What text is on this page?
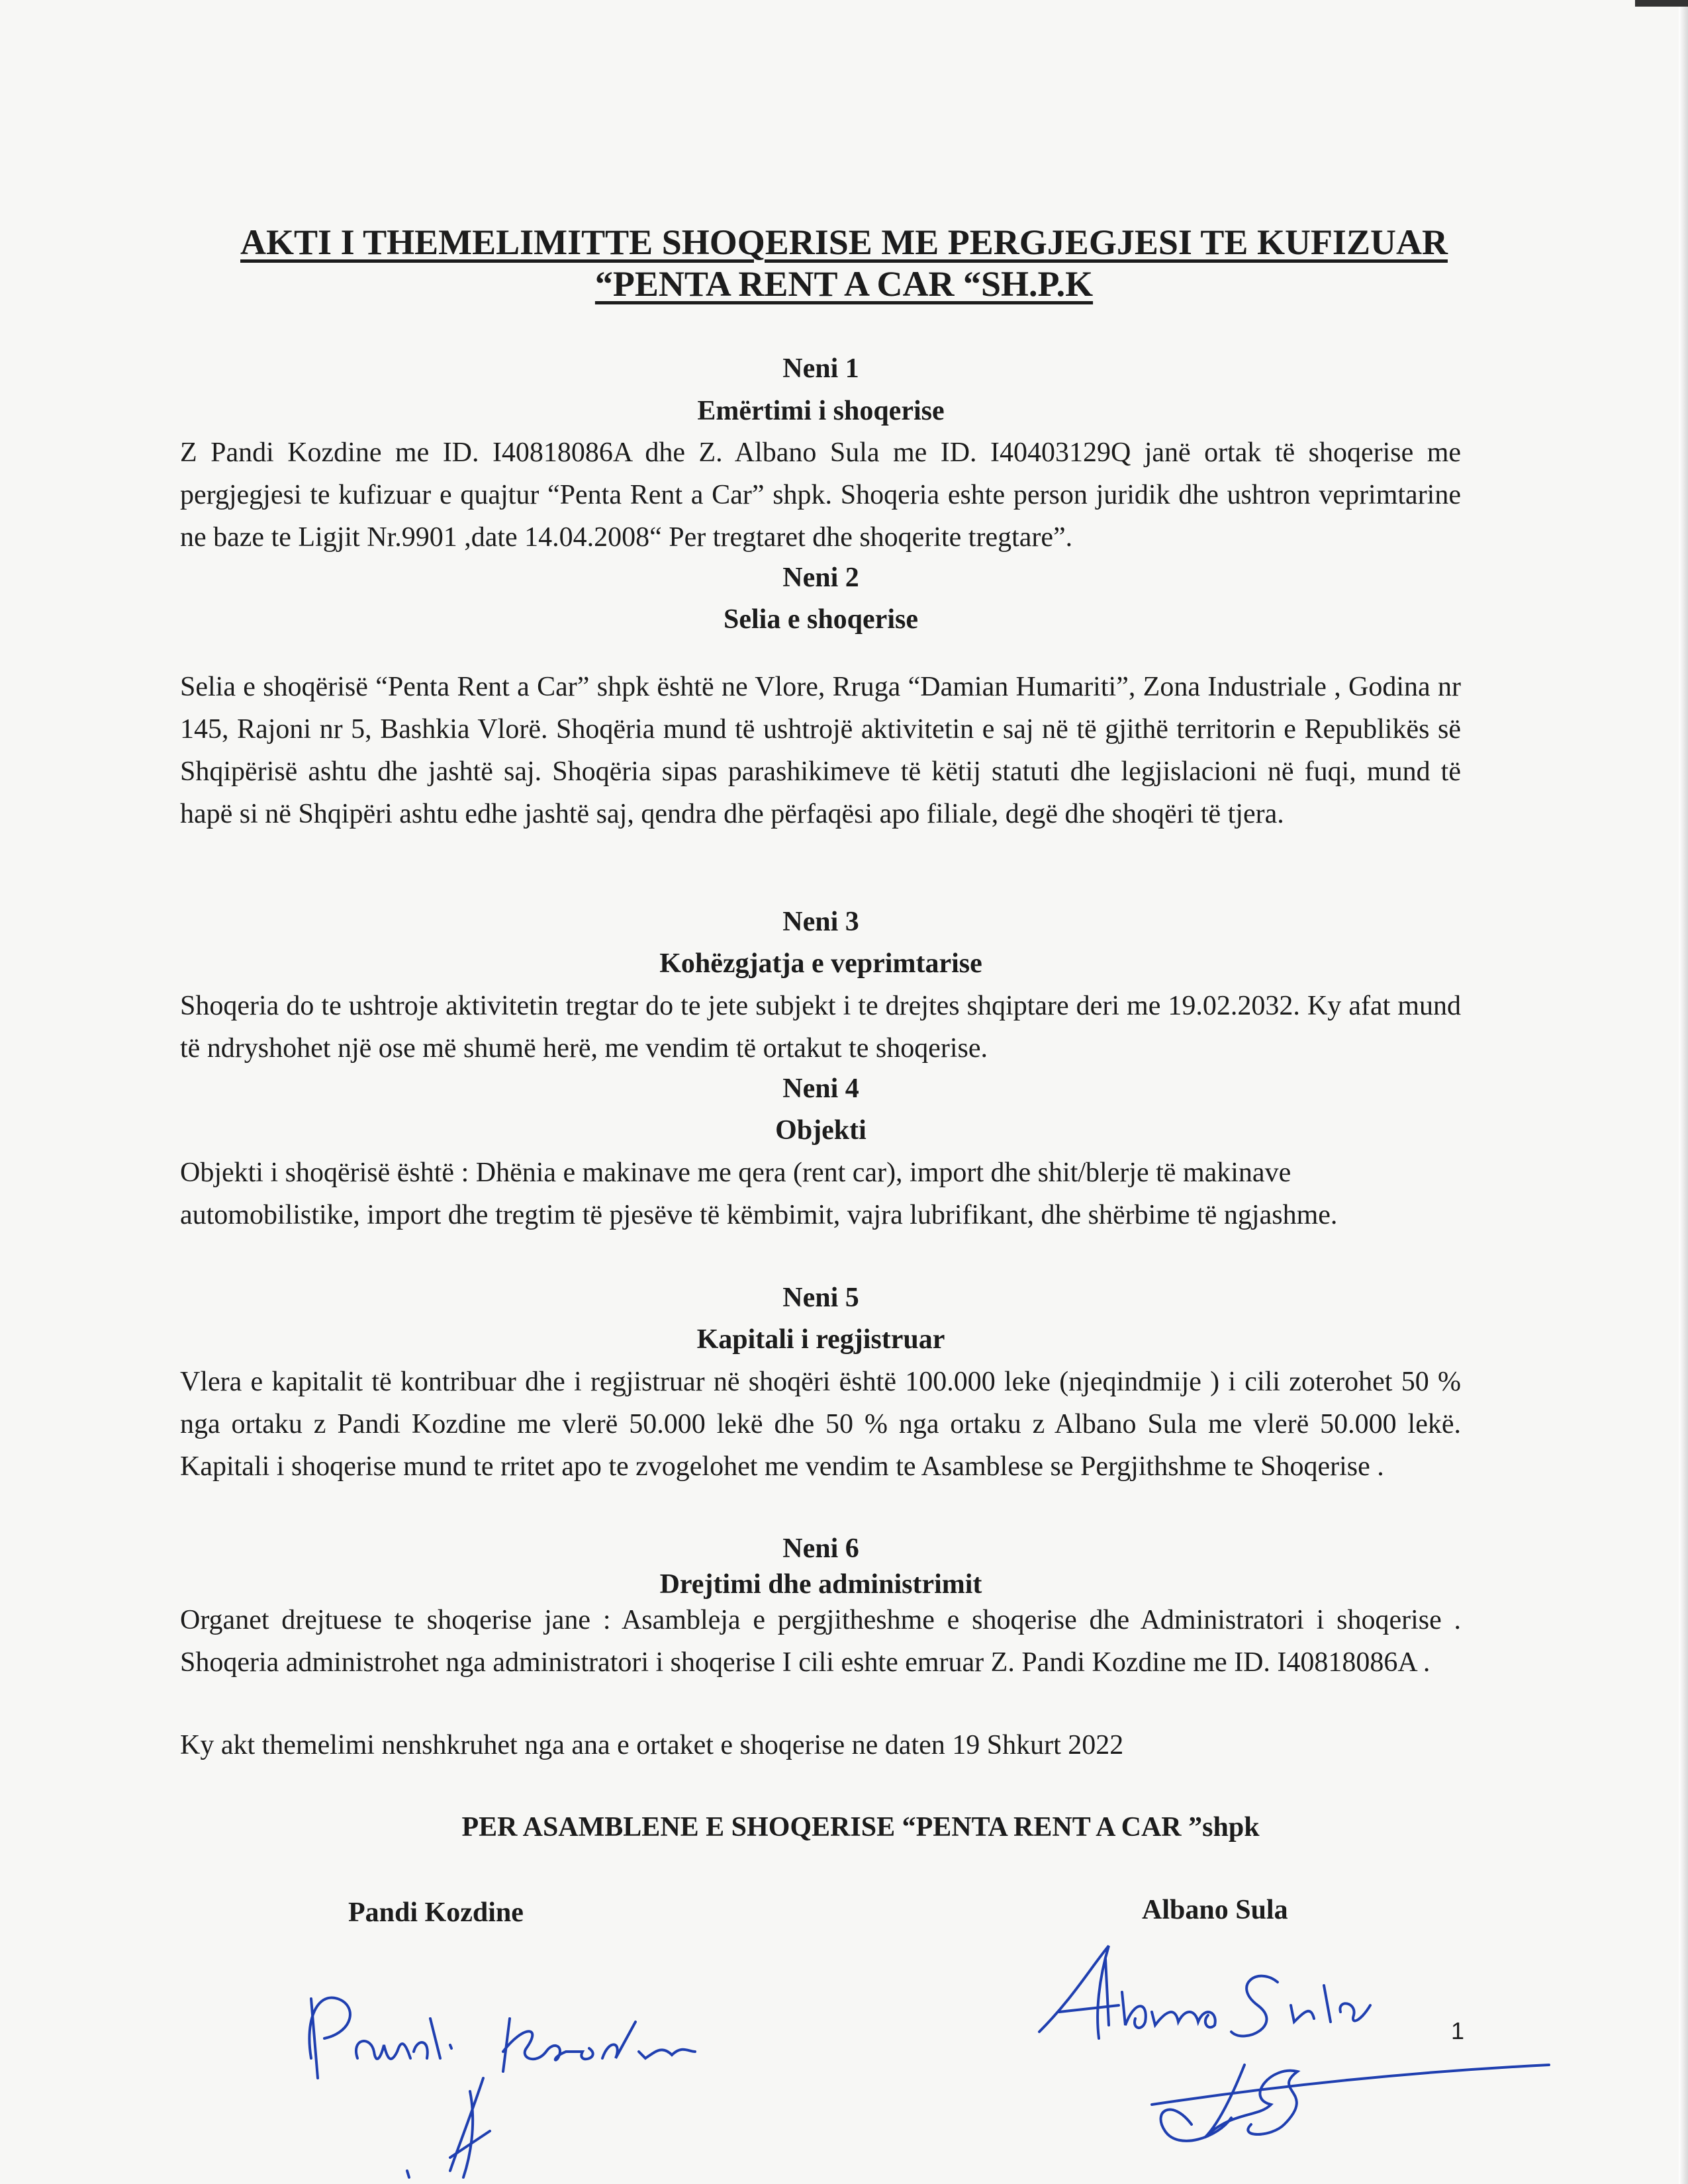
AKTI I THEMELIMITTE SHOQERISE ME PERGJEGJESI TE KUFIZUAR
“PENTA RENT A CAR “SH.P.K
Neni 1
Emërtimi i shoqerise
Z Pandi Kozdine me ID. I40818086A dhe Z. Albano Sula me ID. I40403129Q janë ortak të shoqerise me pergjegjesi te kufizuar e quajtur “Penta Rent a Car” shpk. Shoqeria eshte person juridik dhe ushtron veprimtarine ne baze te Ligjit Nr.9901 ,date 14.04.2008“ Per tregtaret dhe shoqerite tregtare”.
Neni 2
Selia e shoqerise
Selia e shoqërisë “Penta Rent a Car” shpk është ne Vlore, Rruga “Damian Humariti”, Zona Industriale , Godina nr 145, Rajoni nr 5, Bashkia Vlorë. Shoqëria mund të ushtrojë aktivitetin e saj në të gjithë territorin e Republikës së Shqipërisë ashtu dhe jashtë saj. Shoqëria sipas parashikimeve të këtij statuti dhe legjislacioni në fuqi, mund të hapë si në Shqipëri ashtu edhe jashtë saj, qendra dhe përfaqësi apo filiale, degë dhe shoqëri të tjera.
Neni 3
Kohëzgjatja e veprimtarise
Shoqeria do te ushtroje aktivitetin tregtar do te jete subjekt i te drejtes shqiptare deri me 19.02.2032. Ky afat mund të ndryshohet një ose më shumë herë, me vendim të ortakut te shoqerise.
Neni 4
Objekti
Objekti i shoqërisë është : Dhënia e makinave me qera (rent car), import dhe shit/blerje të makinave automobilistike, import dhe tregtim të pjesëve të këmbimit, vajra lubrifikant, dhe shërbime të ngjashme.
Neni 5
Kapitali i regjistruar
Vlera e kapitalit të kontribuar dhe i regjistruar në shoqëri është 100.000 leke (njeqindmije ) i cili zoterohet 50 % nga ortaku z Pandi Kozdine me vlerë 50.000 lekë dhe 50 % nga ortaku z Albano Sula me vlerë 50.000 lekë. Kapitali i shoqerise mund te rritet apo te zvogelohet me vendim te Asamblese se Pergjithshme te Shoqerise .
Neni 6
Drejtimi dhe administrimit
Organet drejtuese te shoqerise jane : Asambleja e pergjitheshme e shoqerise dhe Administratori i shoqerise . Shoqeria administrohet nga administratori i shoqerise I cili eshte emruar Z. Pandi Kozdine me ID. I40818086A .
Ky akt themelimi nenshkruhet nga ana e ortaket e shoqerise ne daten 19 Shkurt 2022
PER ASAMBLENE E SHOQERISE “PENTA RENT A CAR ”shpk
Pandi Kozdine	Albano Sula
1
